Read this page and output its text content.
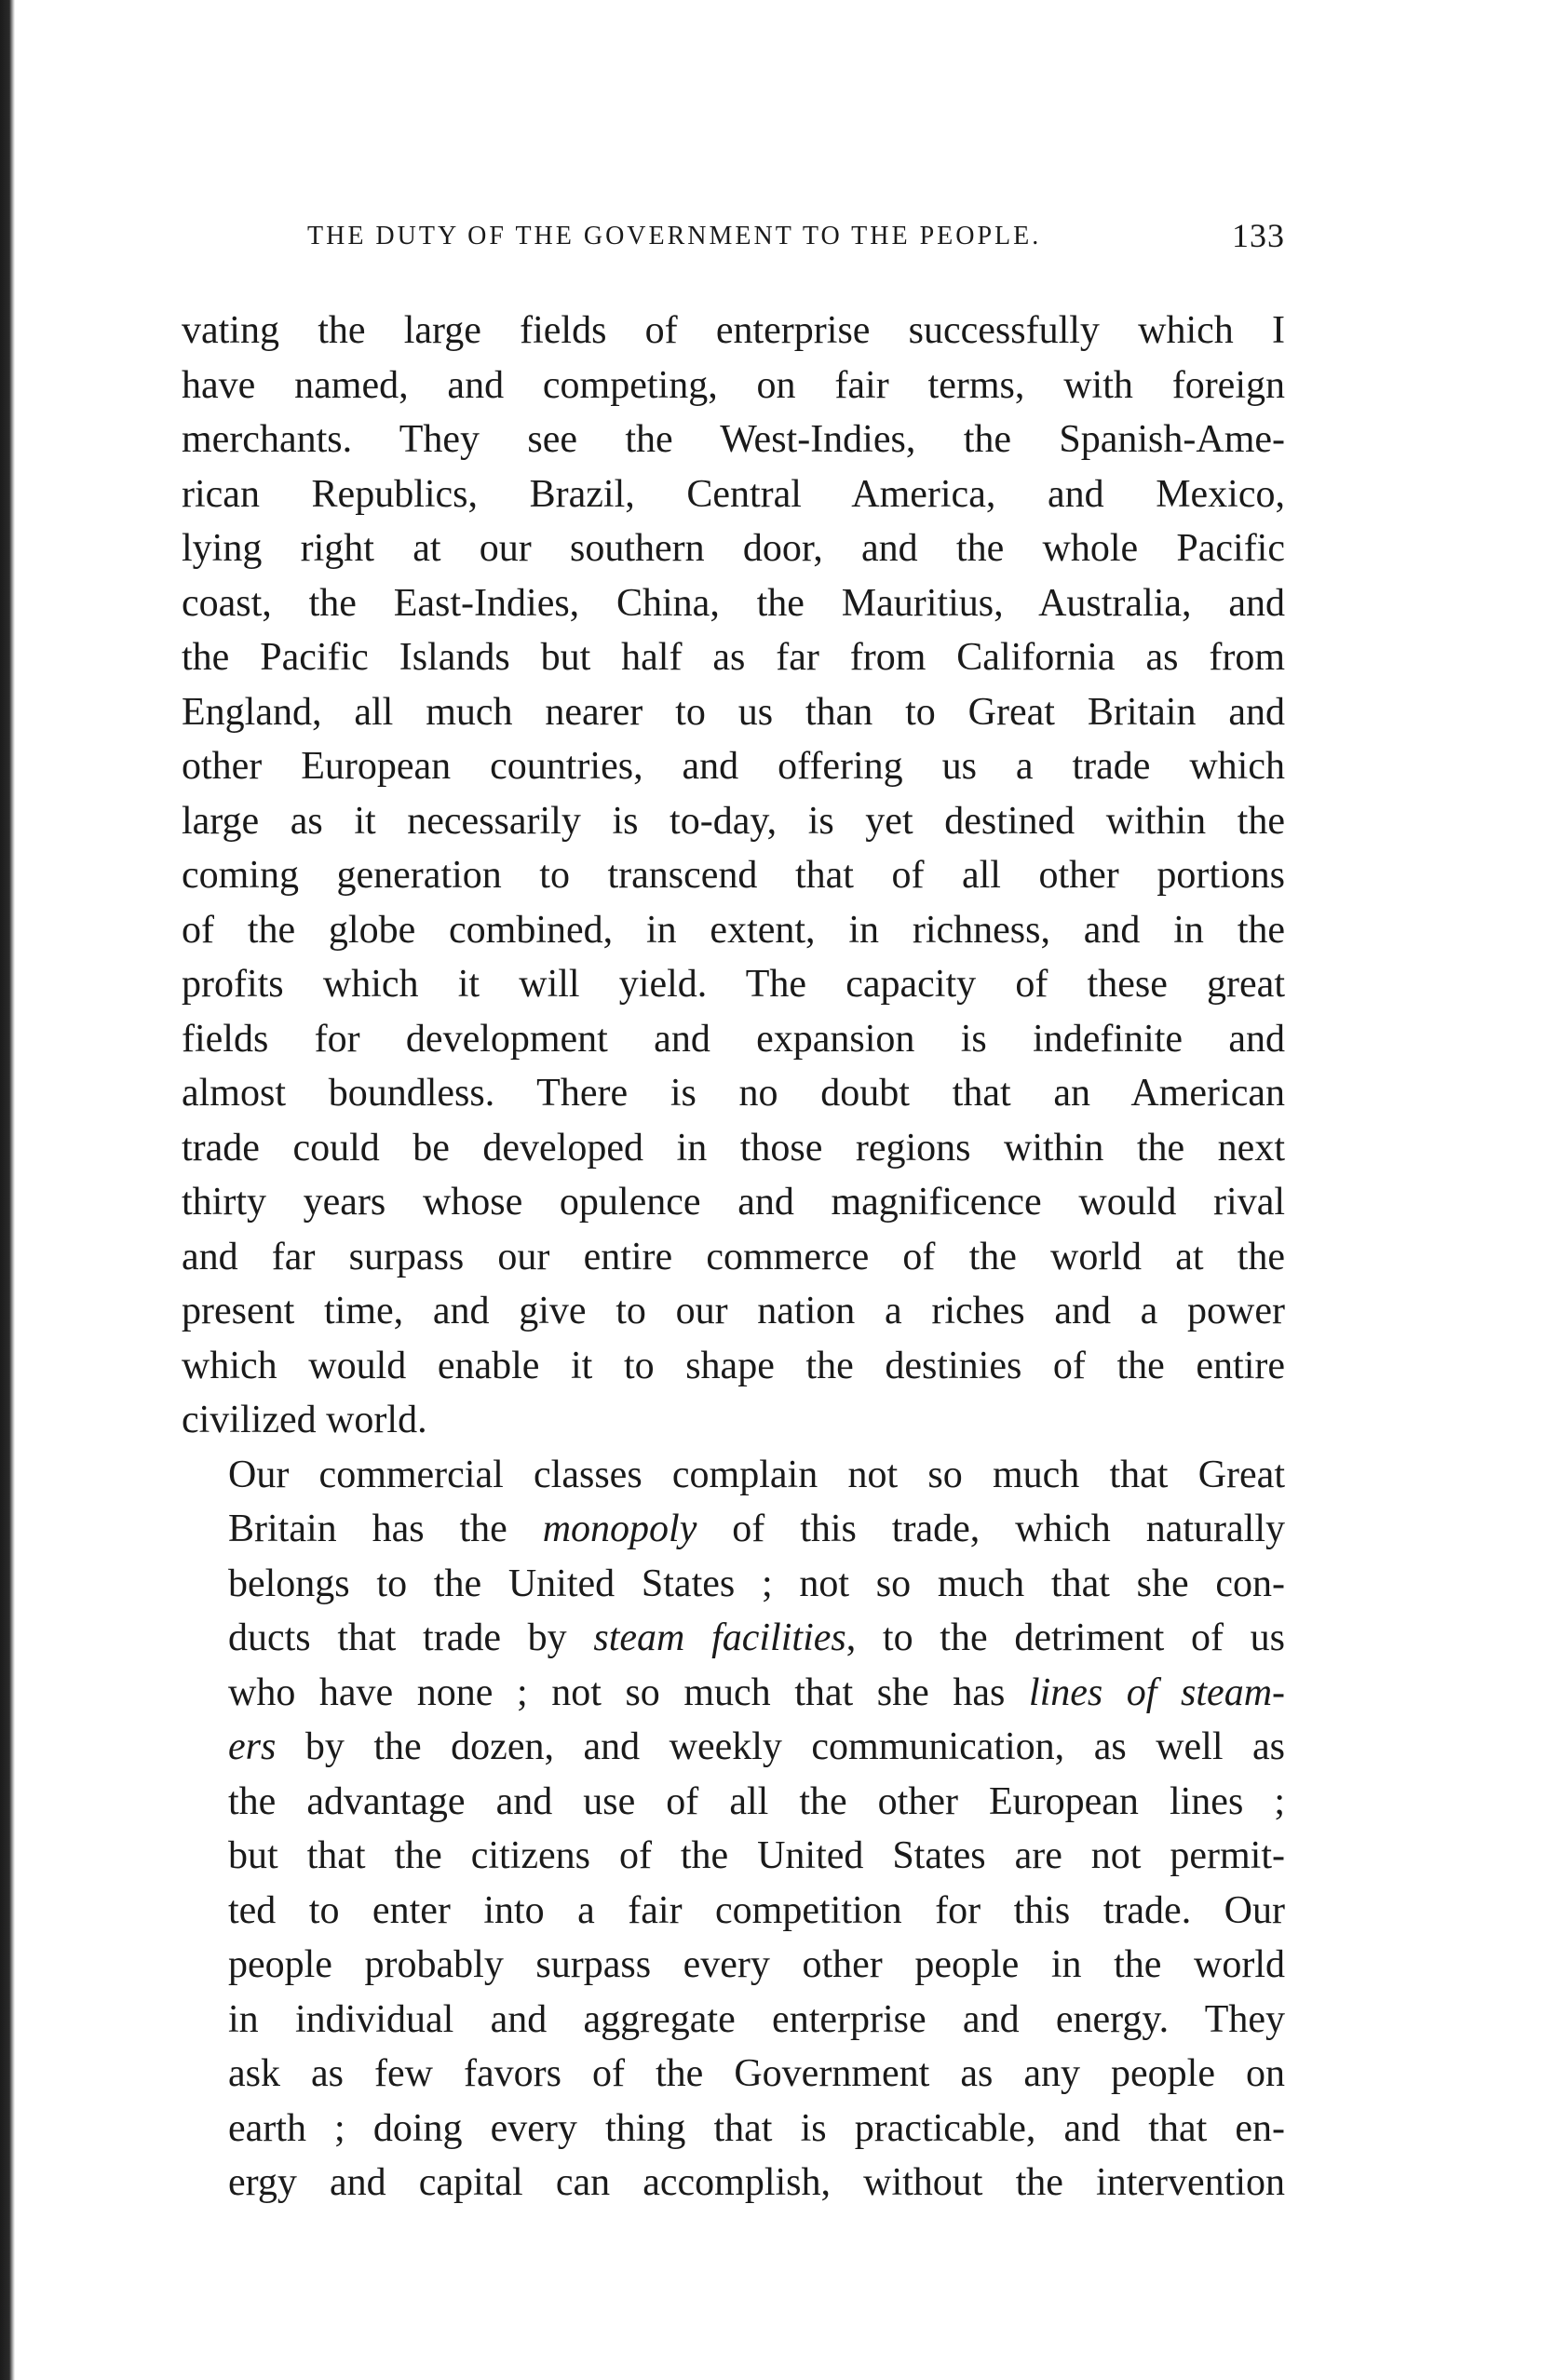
THE DUTY OF THE GOVERNMENT TO THE PEOPLE.	133

vating the large fields of enterprise successfully which I
have named, and competing, on fair terms, with foreign
merchants. They see the West-Indies, the Spanish-Ame-
rican Republics, Brazil, Central America, and Mexico,
lying right at our southern door, and the whole Pacific
coast, the East-Indies, China, the Mauritius, Australia, and
the Pacific Islands but half as far from California as from
England, all much nearer to us than to Great Britain and
other European countries, and offering us a trade which
large as it necessarily is to-day, is yet destined within the
coming generation to transcend that of all other portions
of the globe combined, in extent, in richness, and in the
profits which it will yield. The capacity of these great
fields for development and expansion is indefinite and
almost boundless. There is no doubt that an American
trade could be developed in those regions within the next
thirty years whose opulence and magnificence would rival
and far surpass our entire commerce of the world at the
present time, and give to our nation a riches and a power
which would enable it to shape the destinies of the entire
civilized world.

Our commercial classes complain not so much that Great
Britain has the monopoly of this trade, which naturally
belongs to the United States ; not so much that she con-
ducts that trade by steam facilities, to the detriment of us
who have none ; not so much that she has lines of steam-
ers by the dozen, and weekly communication, as well as
the advantage and use of all the other European lines ;
but that the citizens of the United States are not permit-
ted to enter into a fair competition for this trade. Our
people probably surpass every other people in the world
in individual and aggregate enterprise and energy. They
ask as few favors of the Government as any people on
earth ; doing every thing that is practicable, and that en-
ergy and capital can accomplish, without the intervention
